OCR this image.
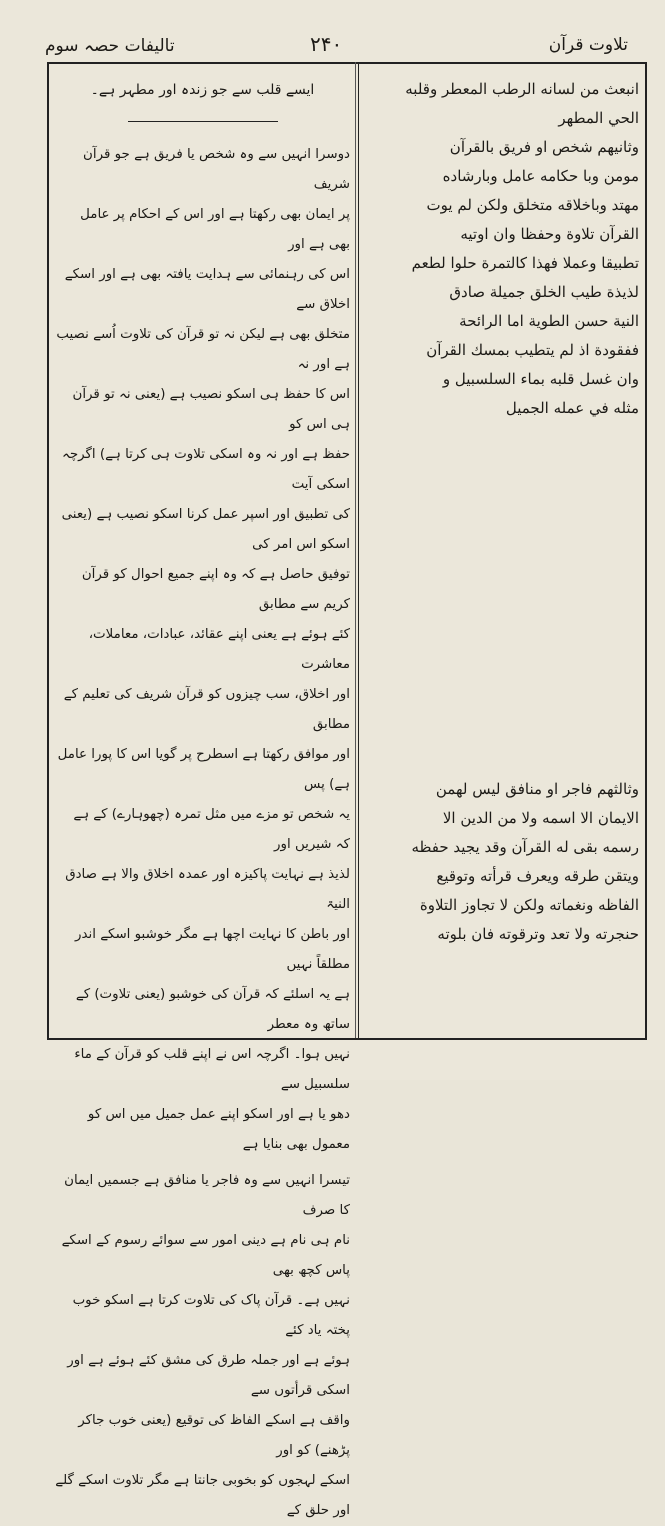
تلاوت قرآن
۲۴۰
تالیفات حصہ سوم

انبعث من لسانه الرطب المعطر وقلبه

الحي المطهر

وثانيهم شخص او فريق بالقرآن

مومن وبا حكامه عامل وبارشاده

مهتد وباخلاقه متخلق ولكن لم يوت

القرآن تلاوة وحفظا وان اوتيه

تطبيقا وعملا فهذا كالتمرة حلوا لطعم

لذيذة طيب الخلق جميلة صادق

النية حسن الطوية اما الرائحة

ففقودة اذ لم يتطيب بمسك القرآن

وان غسل قلبه بماء السلسبيل و

مثله في عمله الجميل

وثالثهم فاجر او منافق ليس لهمن

الايمان الا اسمه ولا من الدين الا

رسمه بقى له القرآن وقد يجيد حفظه

ويتقن طرقه ويعرف قرأته وتوقيع

الفاظه ونغماته ولكن لا تجاوز التلاوة

حنجرته ولا تعد وترقوته فان بلوته

ایسے قلب سے جو زندہ اور مطہر ہے۔

دوسرا انہیں سے وہ شخص یا فریق ہے جو قرآن شریف

پر ایمان بھی رکھتا ہے اور اس کے احکام پر عامل بھی ہے اور

اس کی رہنمائی سے ہدایت یافتہ بھی ہے اور اسکے اخلاق سے

متخلق بھی ہے لیکن نہ تو قرآن کی تلاوت اُسے نصیب ہے اور نہ

اس کا حفظ ہی اسکو نصیب ہے (یعنی نہ تو قرآن ہی اس کو

حفظ ہے اور نہ وہ اسکی تلاوت ہی کرتا ہے) اگرچہ اسکی آیت

کی تطبیق اور اسپر عمل کرنا اسکو نصیب ہے (یعنی اسکو اس امر کی

توفیق حاصل ہے کہ وہ اپنے جمیع احوال کو قرآن کریم سے مطابق

کئے ہوئے ہے یعنی اپنے عقائد، عبادات، معاملات، معاشرت

اور اخلاق، سب چیزوں کو قرآن شریف کی تعلیم کے مطابق

اور موافق رکھتا ہے اسطرح پر گویا اس کا پورا عامل ہے) پس

یہ شخص تو مزے میں مثل تمرہ (چھوہارے) کے ہے کہ شیریں اور

لذیذ ہے نہایت پاکیزہ اور عمدہ اخلاق والا ہے صادق النیۃ

اور باطن کا نہایت اچھا ہے مگر خوشبو اسکے اندر مطلقاً نہیں

ہے یہ اسلئے کہ قرآن کی خوشبو (یعنی تلاوت) کے ساتھ وہ معطر

نہیں ہوا۔ اگرچہ اس نے اپنے قلب کو قرآن کے ماء سلسبیل سے

دھو یا ہے اور اسکو اپنے عمل جمیل میں اس کو معمول بھی بنایا ہے

تیسرا انہیں سے وہ فاجر یا منافق ہے جسمیں ایمان کا صرف

نام ہی نام ہے دینی امور سے سوائے رسوم کے اسکے پاس کچھ بھی

نہیں ہے۔ قرآن پاک کی تلاوت کرتا ہے اسکو خوب پختہ یاد کئے

ہوئے ہے اور جملہ طرق کی مشق کئے ہوئے ہے اور اسکی قرأتوں سے

واقف ہے اسکے الفاظ کی توقیع (یعنی خوب جاکر پڑھنے) کو اور

اسکے لہجوں کو بخوبی جانتا ہے مگر تلاوت اسکے گلے اور حلق کے
